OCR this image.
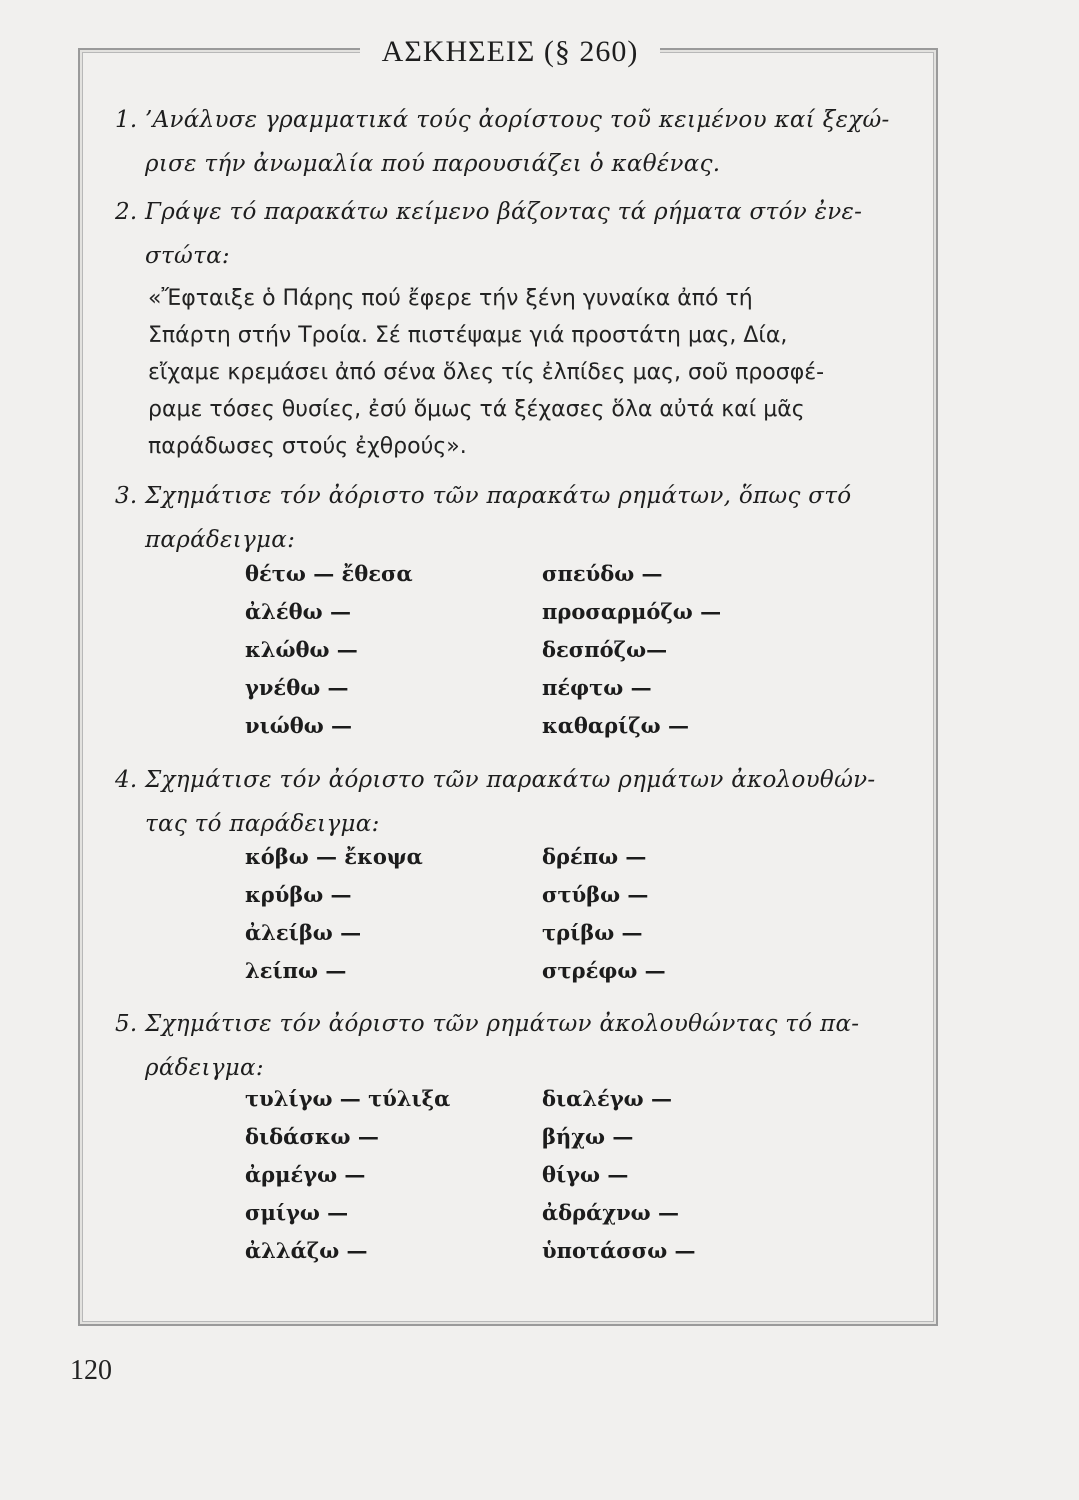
ΑΣΚΗΣΕΙΣ (§ 260)
1. ’Ανάλυσε γραμματικά τούς ἀορίστους τοῦ κειμένου καί ξεχώ-
ρισε τήν ἀνωμαλία πού παρουσιάζει ὁ καθένας.
2. Γράψε τό παρακάτω κείμενο βάζοντας τά ρήματα στόν ἐνε-
στώτα:
«Ἔφταιξε ὁ Πάρης πού ἔφερε τήν ξένη γυναίκα ἀπό τή
Σπάρτη στήν Τροία. Σέ πιστέψαμε γιά προστάτη μας, Δία,
εἴχαμε κρεμάσει ἀπό σένα ὅλες τίς ἐλπίδες μας, σοῦ προσφέ-
ραμε τόσες θυσίες, ἐσύ ὅμως τά ξέχασες ὅλα αὐτά καί μᾶς
παράδωσες στούς ἐχθρούς».
3. Σχημάτισε τόν ἀόριστο τῶν παρακάτω ρημάτων, ὅπως στό
παράδειγμα:
θέτω — ἔθεσα
ἀλέθω —
κλώθω —
γνέθω —
νιώθω —
σπεύδω —
προσαρμόζω —
δεσπόζω—
πέφτω —
καθαρίζω —
4. Σχημάτισε τόν ἀόριστο τῶν παρακάτω ρημάτων ἀκολουθών-
τας τό παράδειγμα:
κόβω — ἔκοψα
κρύβω —
ἀλείβω —
λείπω —
δρέπω —
στύβω —
τρίβω —
στρέφω —
5. Σχημάτισε τόν ἀόριστο τῶν ρημάτων ἀκολουθώντας τό πα-
ράδειγμα:
τυλίγω — τύλιξα
διδάσκω —
ἀρμέγω —
σμίγω —
ἀλλάζω —
διαλέγω —
βήχω —
θίγω —
ἀδράχνω —
ὑποτάσσω —
120
